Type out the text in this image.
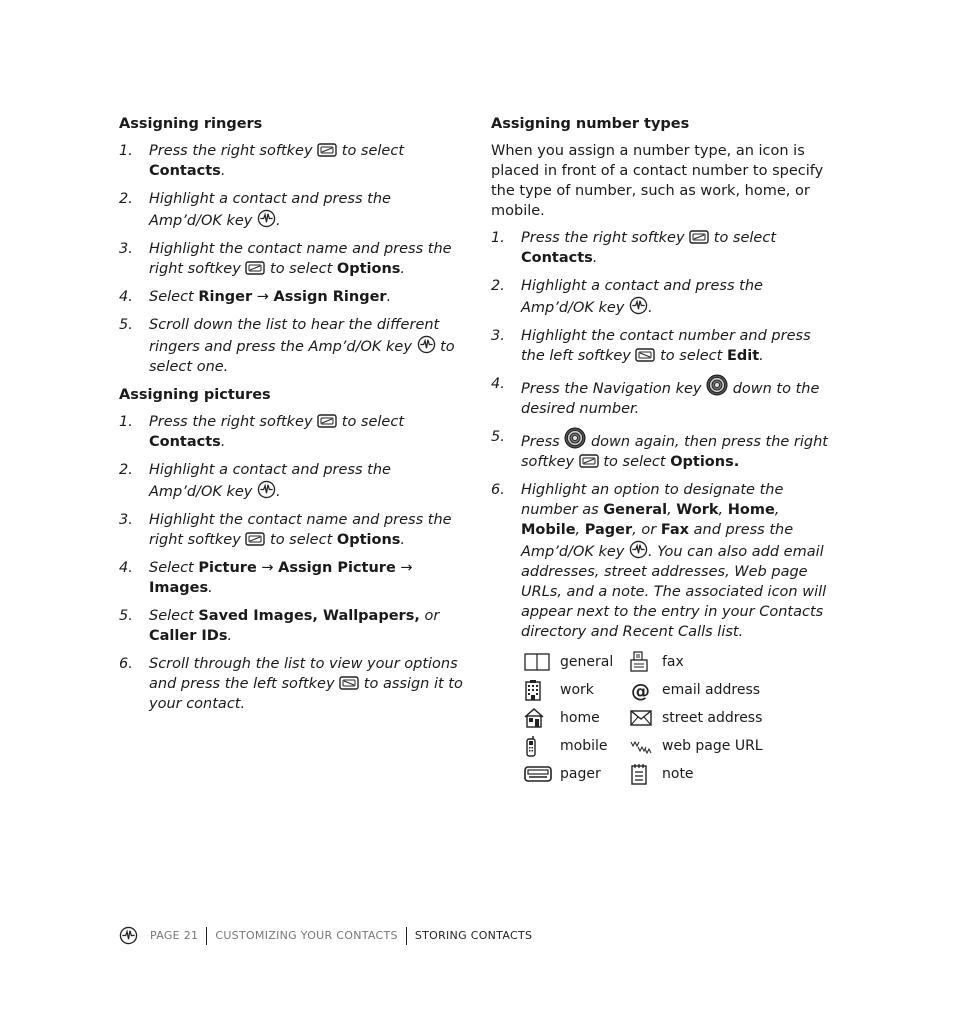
Assigning ringers
1. Press the right softkey to select Contacts.
2. Highlight a contact and press the Amp’d/OK key .
3. Highlight the contact name and press the right softkey to select Options.
4. Select Ringer → Assign Ringer.
5. Scroll down the list to hear the different ringers and press the Amp’d/OK key to select one.
Assigning pictures
1. Press the right softkey to select Contacts.
2. Highlight a contact and press the Amp’d/OK key .
3. Highlight the contact name and press the right softkey to select Options.
4. Select Picture → Assign Picture → Images.
5. Select Saved Images, Wallpapers, or Caller IDs.
6. Scroll through the list to view your options and press the left softkey to assign it to your contact.
Assigning number types

When you assign a number type, an icon is placed in front of a contact number to specify the type of number, such as work, home, or mobile.

1. Press the right softkey to select Contacts.
2. Highlight a contact and press the Amp’d/OK key .
3. Highlight the contact number and press the left softkey to select Edit.
4. Press the Navigation key down to the desired number.
5. Press down again, then press the right softkey to select Options.
6. Highlight an option to designate the number as General, Work, Home, Mobile, Pager, or Fax and press the Amp’d/OK key . You can also add email addresses, street addresses, Web page URLs, and a note. The associated icon will appear next to the entry in your Contacts directory and Recent Calls list.
general	fax
work	@ email address
home	street address
mobile	web page URL
pager	note
PAGE 21 CUSTOMIZING YOUR CONTACTS STORING CONTACTS
